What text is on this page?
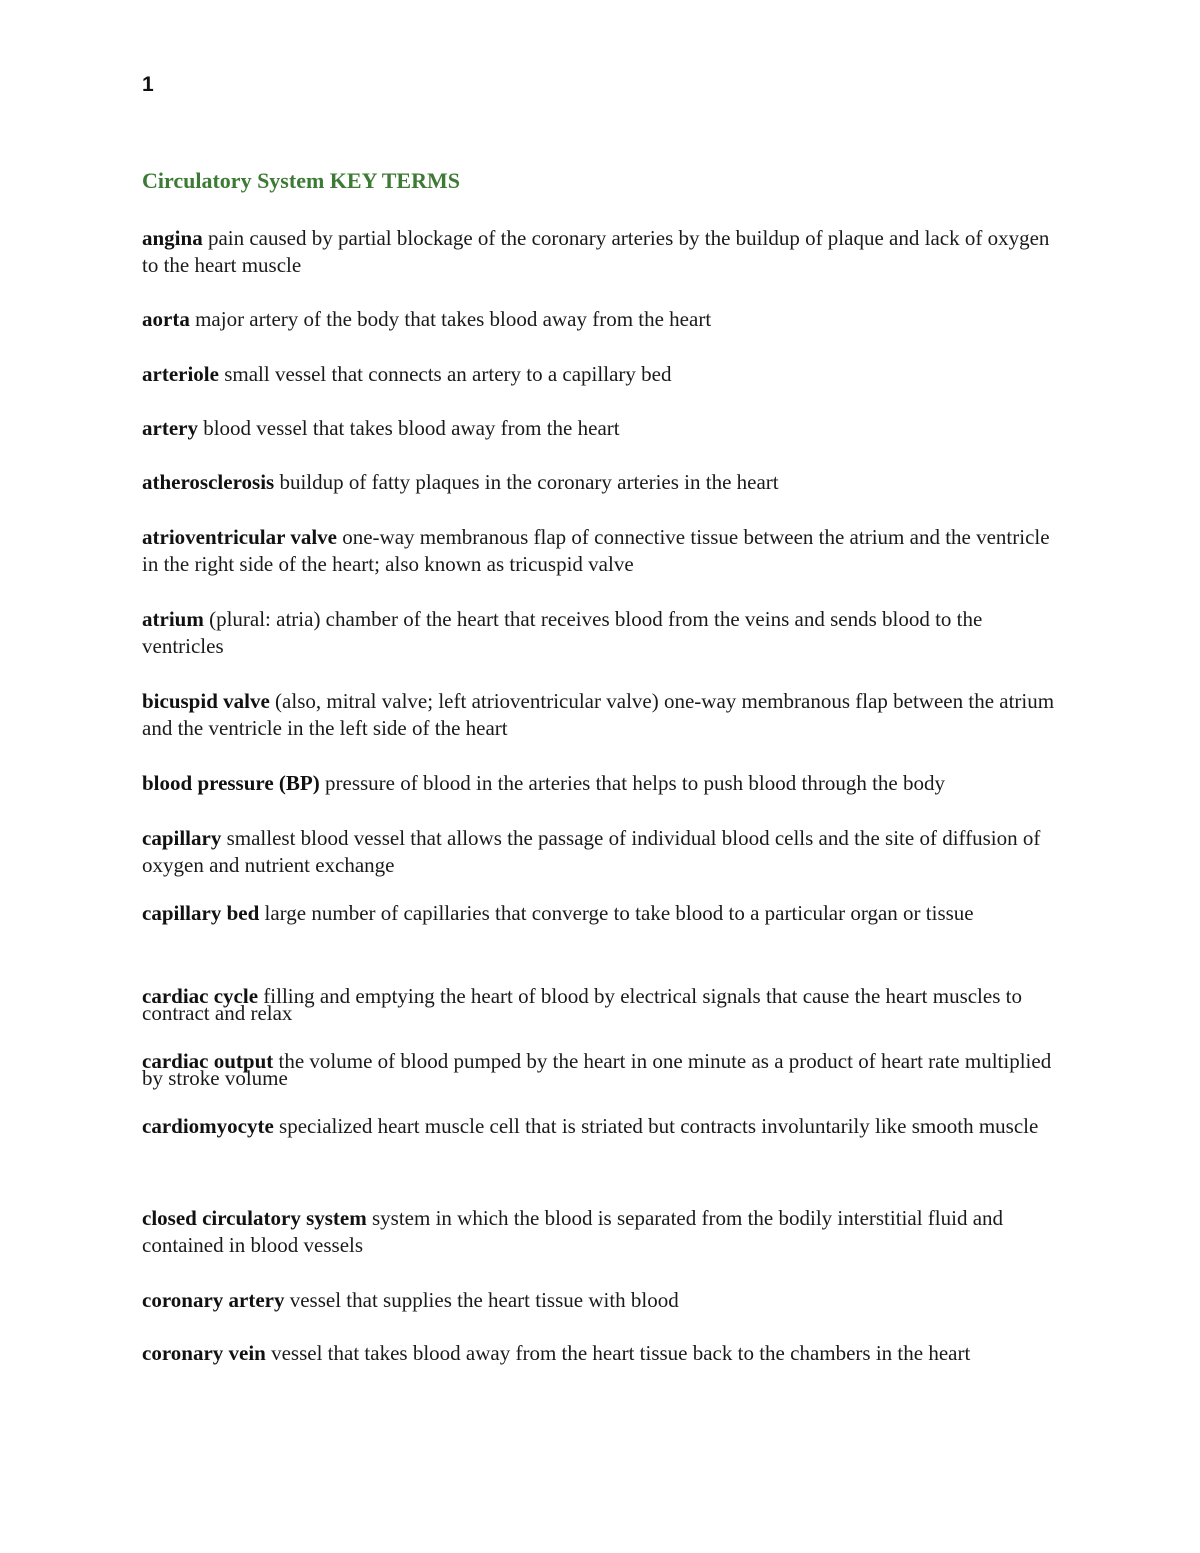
1
Circulatory System KEY TERMS
angina pain caused by partial blockage of the coronary arteries by the buildup of plaque and lack of oxygen to the heart muscle
aorta major artery of the body that takes blood away from the heart
arteriole small vessel that connects an artery to a capillary bed
artery blood vessel that takes blood away from the heart
atherosclerosis buildup of fatty plaques in the coronary arteries in the heart
atrioventricular valve one-way membranous flap of connective tissue between the atrium and the ventricle in the right side of the heart; also known as tricuspid valve
atrium (plural: atria) chamber of the heart that receives blood from the veins and sends blood to the ventricles
bicuspid valve (also, mitral valve; left atrioventricular valve) one-way membranous flap between the atrium and the ventricle in the left side of the heart
blood pressure (BP) pressure of blood in the arteries that helps to push blood through the body
capillary smallest blood vessel that allows the passage of individual blood cells and the site of diffusion of oxygen and nutrient exchange
capillary bed large number of capillaries that converge to take blood to a particular organ or tissue
cardiac cycle filling and emptying the heart of blood by electrical signals that cause the heart muscles to contract and relax
cardiac output the volume of blood pumped by the heart in one minute as a product of heart rate multiplied by stroke volume
cardiomyocyte specialized heart muscle cell that is striated but contracts involuntarily like smooth muscle
closed circulatory system system in which the blood is separated from the bodily interstitial fluid and contained in blood vessels
coronary artery vessel that supplies the heart tissue with blood
coronary vein vessel that takes blood away from the heart tissue back to the chambers in the heart
